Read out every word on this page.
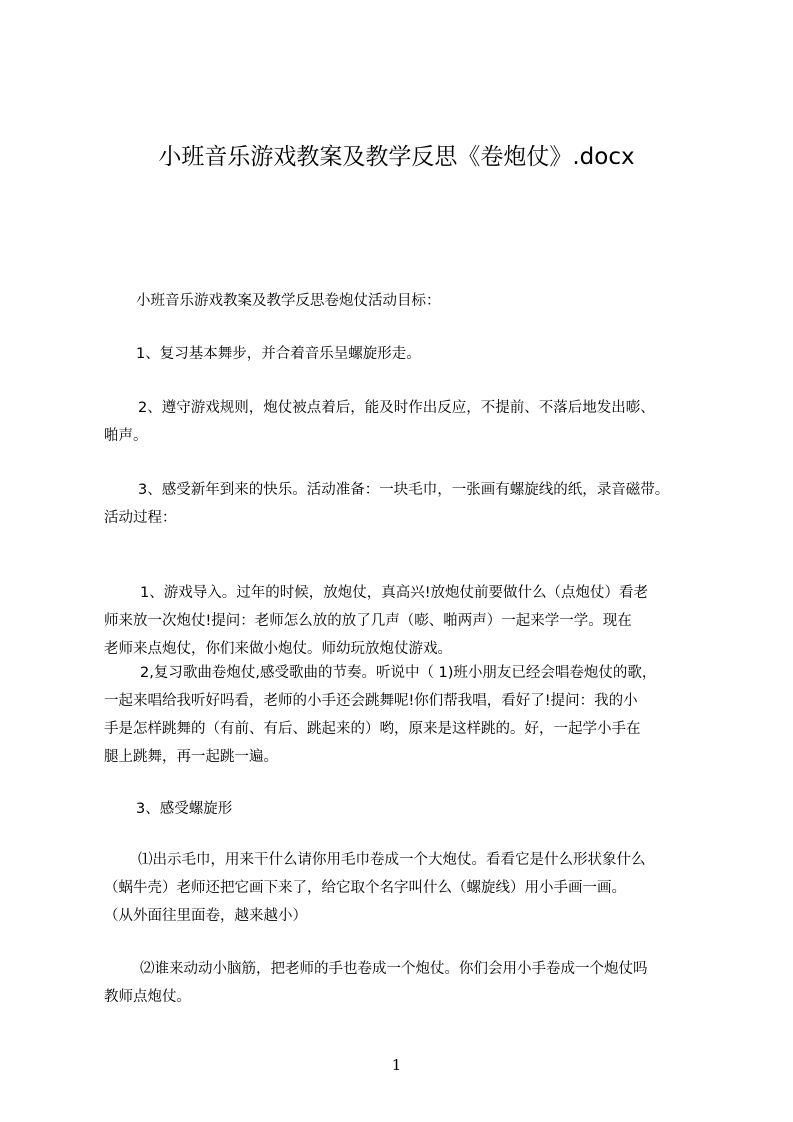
小班音乐游戏教案及教学反思《卷炮仗》.docx
小班音乐游戏教案及教学反思卷炮仗活动目标：
1、复习基本舞步，并合着音乐呈螺旋形走。
2、遵守游戏规则，炮仗被点着后，能及时作出反应，不提前、不落后地发出嘭、
啪声。
3、感受新年到来的快乐。活动准备：一块毛巾，一张画有螺旋线的纸，录音磁带。
活动过程：
1、游戏导入。过年的时候，放炮仗，真高兴!放炮仗前要做什么（点炮仗）看老
师来放一次炮仗!提问：老师怎么放的放了几声（嘭、啪两声）一起来学一学。现在
老师来点炮仗，你们来做小炮仗。师幼玩放炮仗游戏。
2,复习歌曲卷炮仗,感受歌曲的节奏。听说中（ 1)班小朋友已经会唱卷炮仗的歌，
一起来唱给我听好吗看，老师的小手还会跳舞呢!你们帮我唱，看好了!提问：我的小
手是怎样跳舞的（有前、有后、跳起来的）哟，原来是这样跳的。好，一起学小手在
腿上跳舞，再一起跳一遍。
3、感受螺旋形
⑴出示毛巾，用来干什么请你用毛巾卷成一个大炮仗。看看它是什么形状象什么
（蜗牛壳）老师还把它画下来了，给它取个名字叫什么（螺旋线）用小手画一画。
（从外面往里面卷，越来越小）
⑵谁来动动小脑筋，把老师的手也卷成一个炮仗。你们会用小手卷成一个炮仗吗
教师点炮仗。
1
